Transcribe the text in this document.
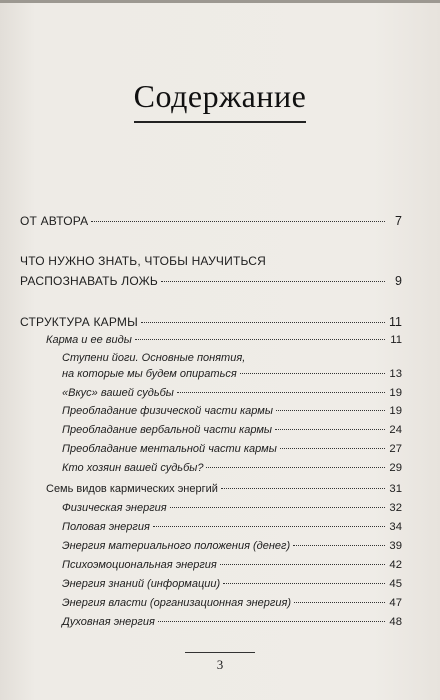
Содержание
ОТ АВТОРА	7
ЧТО НУЖНО ЗНАТЬ, ЧТОБЫ НАУЧИТЬСЯ
РАСПОЗНАВАТЬ ЛОЖЬ	9
СТРУКТУРА КАРМЫ	11
Карма и ее виды	11
Ступени йоги. Основные понятия,
на которые мы будем опираться	13
«Вкус» вашей судьбы	19
Преобладание физической части кармы	19
Преобладание вербальной части кармы	24
Преобладание ментальной части кармы	27
Кто хозяин вашей судьбы?	29
Семь видов кармических энергий	31
Физическая энергия	32
Половая энергия	34
Энергия материального положения (денег)	39
Психоэмоциональная энергия	42
Энергия знаний (информации)	45
Энергия власти (организационная энергия)	47
Духовная энергия	48
3
